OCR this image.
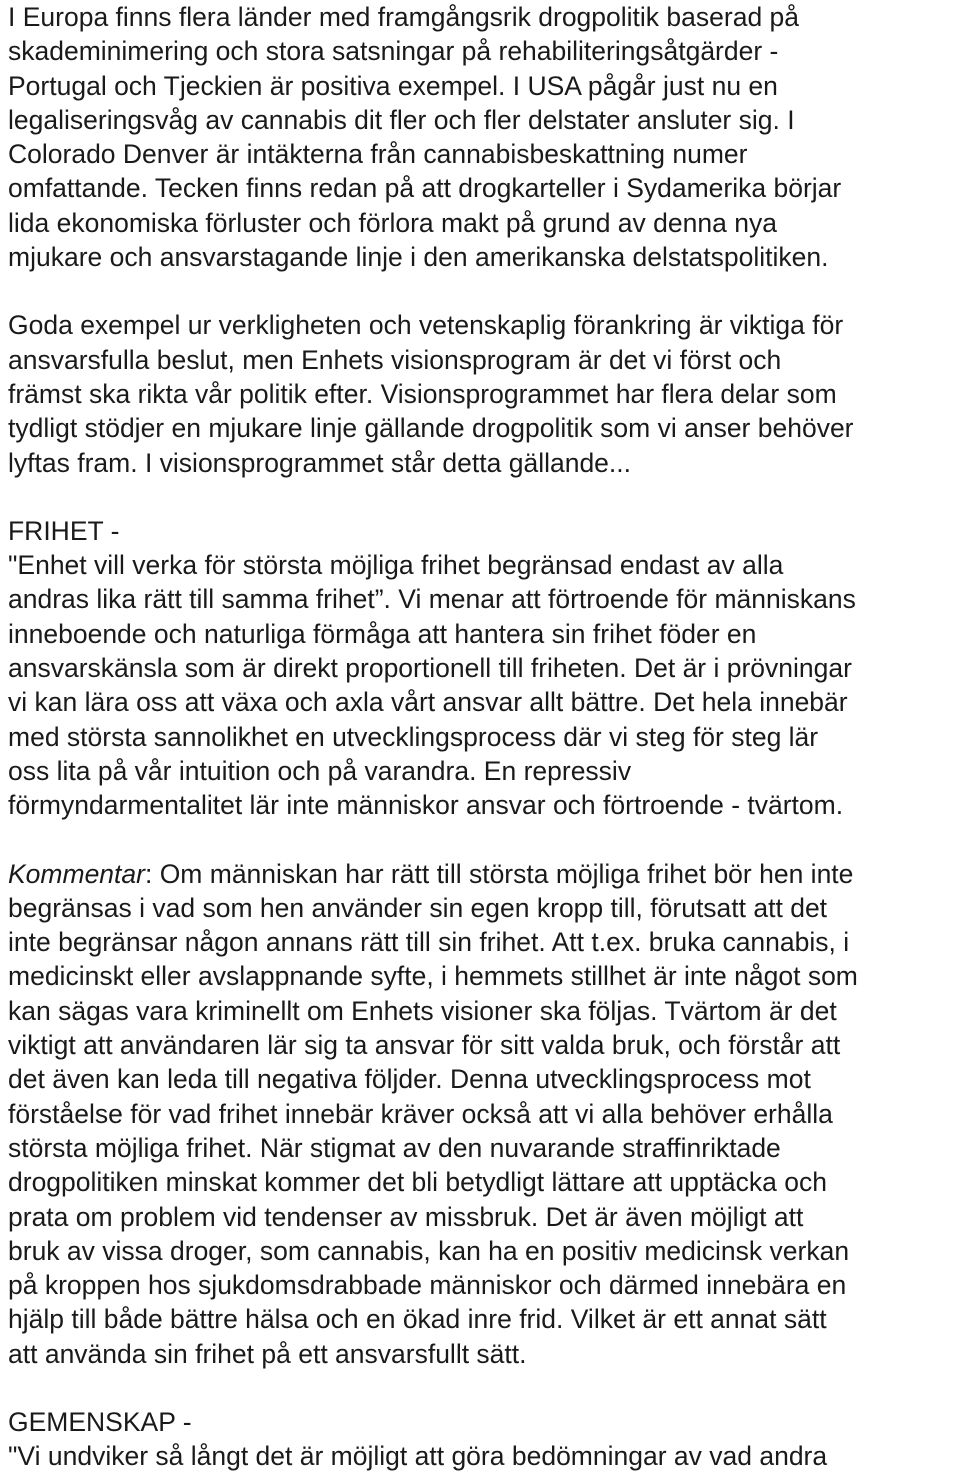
I Europa finns flera länder med framgångsrik drogpolitik baserad på
skademinimering och stora satsningar på rehabiliteringsåtgärder -
Portugal och Tjeckien är positiva exempel. I USA pågår just nu en
legaliseringsvåg av cannabis dit fler och fler delstater ansluter sig. I
Colorado Denver är intäkterna från cannabisbeskattning numer
omfattande. Tecken finns redan på att drogkarteller i Sydamerika börjar
lida ekonomiska förluster och förlora makt på grund av denna nya
mjukare och ansvarstagande linje i den amerikanska delstatspolitiken.
Goda exempel ur verkligheten och vetenskaplig förankring är viktiga för
ansvarsfulla beslut, men Enhets visionsprogram är det vi först och
främst ska rikta vår politik efter. Visionsprogrammet har flera delar som
tydligt stödjer en mjukare linje gällande drogpolitik som vi anser behöver
lyftas fram. I visionsprogrammet står detta gällande...
FRIHET -
"Enhet vill verka för största möjliga frihet begränsad endast av alla
andras lika rätt till samma frihet”. Vi menar att förtroende för människans
inneboende och naturliga förmåga att hantera sin frihet föder en
ansvarskänsla som är direkt proportionell till friheten. Det är i prövningar
vi kan lära oss att växa och axla vårt ansvar allt bättre. Det hela innebär
med största sannolikhet en utvecklingsprocess där vi steg för steg lär
oss lita på vår intuition och på varandra. En repressiv
förmyndarmentalitet lär inte människor ansvar och förtroende - tvärtom.
Kommentar: Om människan har rätt till största möjliga frihet bör hen inte
begränsas i vad som hen använder sin egen kropp till, förutsatt att det
inte begränsar någon annans rätt till sin frihet. Att t.ex. bruka cannabis, i
medicinskt eller avslappnande syfte, i hemmets stillhet är inte något som
kan sägas vara kriminellt om Enhets visioner ska följas. Tvärtom är det
viktigt att användaren lär sig ta ansvar för sitt valda bruk, och förstår att
det även kan leda till negativa följder. Denna utvecklingsprocess mot
förståelse för vad frihet innebär kräver också att vi alla behöver erhålla
största möjliga frihet. När stigmat av den nuvarande straffinriktade
drogpolitiken minskat kommer det bli betydligt lättare att upptäcka och
prata om problem vid tendenser av missbruk. Det är även möjligt att
bruk av vissa droger, som cannabis, kan ha en positiv medicinsk verkan
på kroppen hos sjukdomsdrabbade människor och därmed innebära en
hjälp till både bättre hälsa och en ökad inre frid. Vilket är ett annat sätt
att använda sin frihet på ett ansvarsfullt sätt.
GEMENSKAP -
"Vi undviker så långt det är möjligt att göra bedömningar av vad andra
